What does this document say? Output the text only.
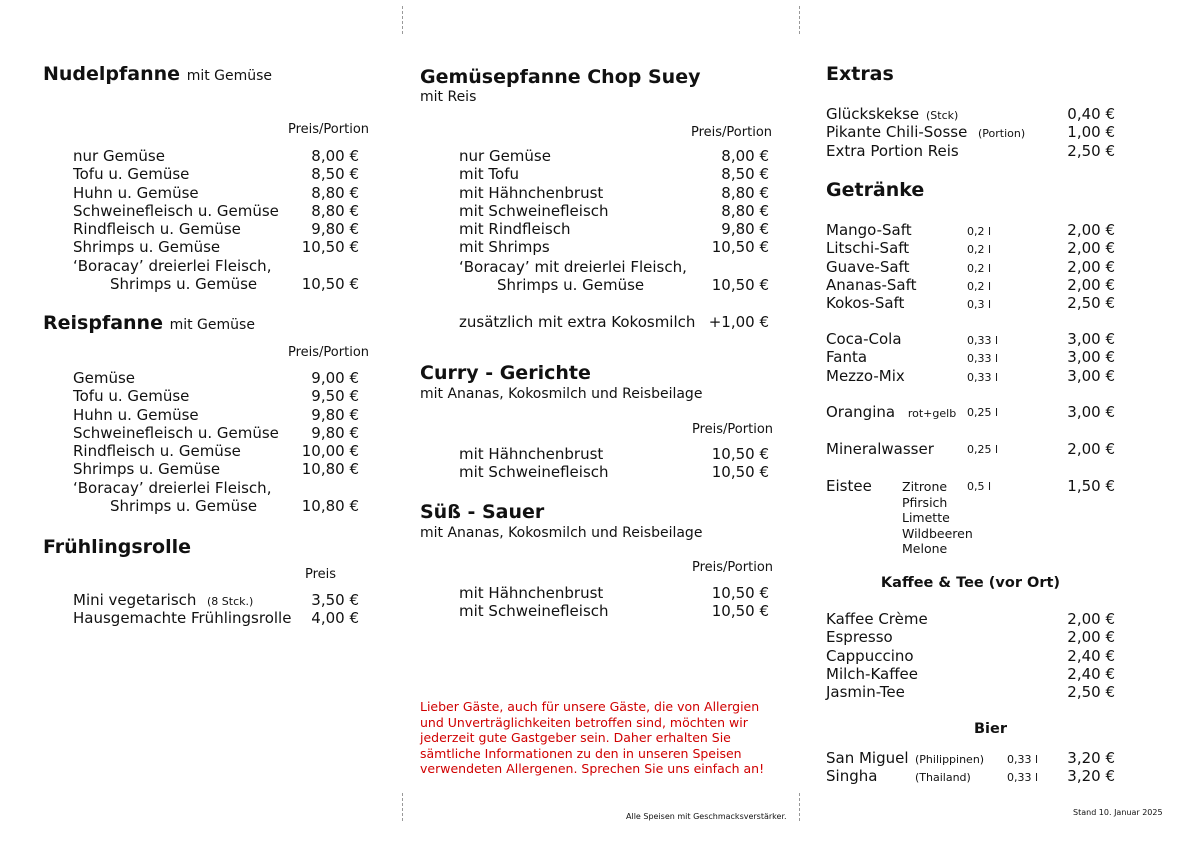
Nudelpfanne mit Gemüse
Preis/Portion
nur Gemüse	8,00 €
Tofu u. Gemüse	8,50 €
Huhn u. Gemüse	8,80 €
Schweinefleisch u. Gemüse 8,80 €
Rindfleisch u. Gemüse	9,80 €
Shrimps u. Gemüse	10,50 €
‘Boracay’ dreierlei Fleisch,
Shrimps u. Gemüse	10,50 €
Reispfanne mit Gemüse
Preis/Portion
Gemüse	9,00 €
Tofu u. Gemüse	9,50 €
Huhn u. Gemüse	9,80 €
Schweinefleisch u. Gemüse 9,80 €
Rindfleisch u. Gemüse	10,00 €
Shrimps u. Gemüse	10,80 €
‘Boracay’ dreierlei Fleisch,
Shrimps u. Gemüse	10,80 €
Frühlingsrolle
Preis
Mini vegetarisch (8 Stck.)	3,50 €
Hausgemachte Frühlingsrolle 4,00 €
Gemüsepfanne Chop Suey
mit Reis
Preis/Portion
nur Gemüse	8,00 €
mit Tofu	8,50 €
mit Hähnchenbrust	8,80 €
mit Schweinefleisch	8,80 €
mit Rindfleisch	9,80 €
mit Shrimps	10,50 €
‘Boracay’ mit dreierlei Fleisch,
Shrimps u. Gemüse	10,50 €
zusätzlich mit extra Kokosmilch +1,00 €
Curry - Gerichte
mit Ananas, Kokosmilch und Reisbeilage
Preis/Portion
mit Hähnchenbrust	10,50 €
mit Schweinefleisch	10,50 €
Süß - Sauer
mit Ananas, Kokosmilch und Reisbeilage
Preis/Portion
mit Hähnchenbrust	10,50 €
mit Schweinefleisch	10,50 €
Lieber Gäste, auch für unsere Gäste, die von Allergien und Unverträglichkeiten betroffen sind, möchten wir jederzeit gute Gastgeber sein. Daher erhalten Sie sämtliche Informationen zu den in unseren Speisen verwendeten Allergenen. Sprechen Sie uns einfach an!
Alle Speisen mit Geschmacksverstärker.
Extras
Glückskekse (Stck)	0,40 €
Pikante Chili-Sosse (Portion)	1,00 €
Extra Portion Reis	2,50 €
Getränke
Mango-Saft	0,2 l	2,00 €
Litschi-Saft	0,2 l	2,00 €
Guave-Saft	0,2 l	2,00 €
Ananas-Saft	0,2 l	2,00 €
Kokos-Saft	0,3 l	2,50 €
Coca-Cola	0,33 l	3,00 €
Fanta	0,33 l	3,00 €
Mezzo-Mix	0,33 l	3,00 €
Orangina rot+gelb 0,25 l	3,00 €
Mineralwasser	0,25 l	2,00 €
Eistee	0,5 l	1,50 €
Zitrone
Pfirsich
Limette
Wildbeeren
Melone
Kaffee & Tee (vor Ort)
Kaffee Crème	2,00 €
Espresso	2,00 €
Cappuccino	2,40 €
Milch-Kaffee	2,40 €
Jasmin-Tee	2,50 €
Bier
San Miguel (Philippinen) 0,33 l 3,20 €
Singha	(Thailand)	0,33 l 3,20 €
Stand 10. Januar 2025
